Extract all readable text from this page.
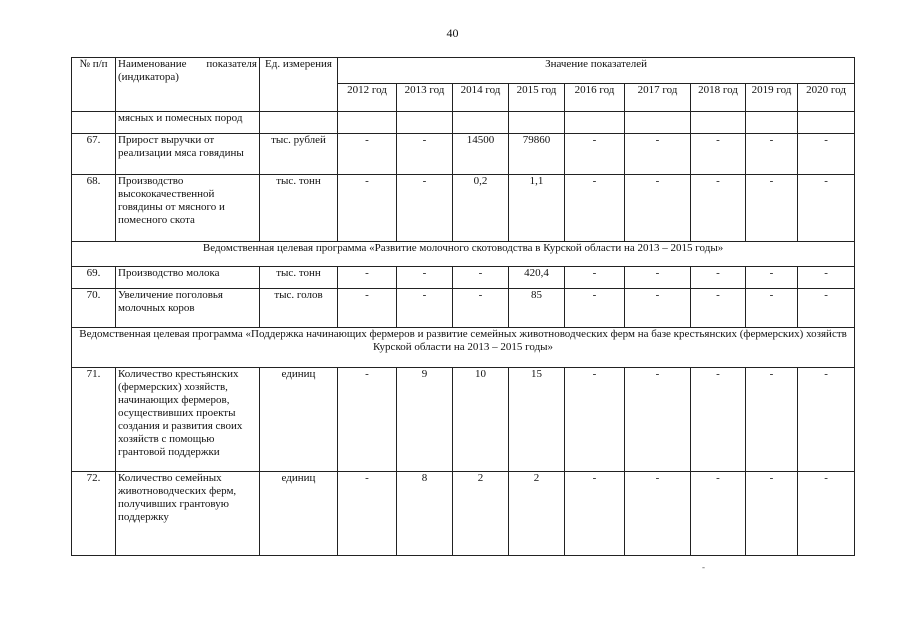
40
№ п/п	Наименование показателя (индикатора)	Ед. измерения	Значение показателей								
			2012 год	2013 год	2014 год	2015 год	2016 год	2017 год	2018 год	2019 год	2020 год
	мясных и помесных пород										
67.	Прирост выручки от реализации мяса говядины	тыс. рублей	-	-	14500	79860	-	-	-	-	-
68.	Производство высококачественной говядины от мясного и помесного скота	тыс. тонн	-	-	0,2	1,1	-	-	-	-	-
Ведомственная целевая программа «Развитие молочного скотоводства в Курской области на 2013 – 2015 годы»											
69.	Производство молока	тыс. тонн	-	-	-	420,4	-	-	-	-	-
70.	Увеличение поголовья молочных коров	тыс. голов	-	-	-	85	-	-	-	-	-
Ведомственная целевая программа «Поддержка начинающих фермеров и развитие семейных животноводческих ферм на базе крестьянских (фермерских) хозяйств Курской области на 2013 – 2015 годы»											
71.	Количество крестьянских (фермерских) хозяйств, начинающих фермеров, осуществивших проекты создания и развития своих хозяйств с помощью грантовой поддержки	единиц	-	9	10	15	-	-	-	-	-
72.	Количество семейных животноводческих ферм, получивших грантовую поддержку	единиц	-	8	2	2	-	-	-	-	-
-
